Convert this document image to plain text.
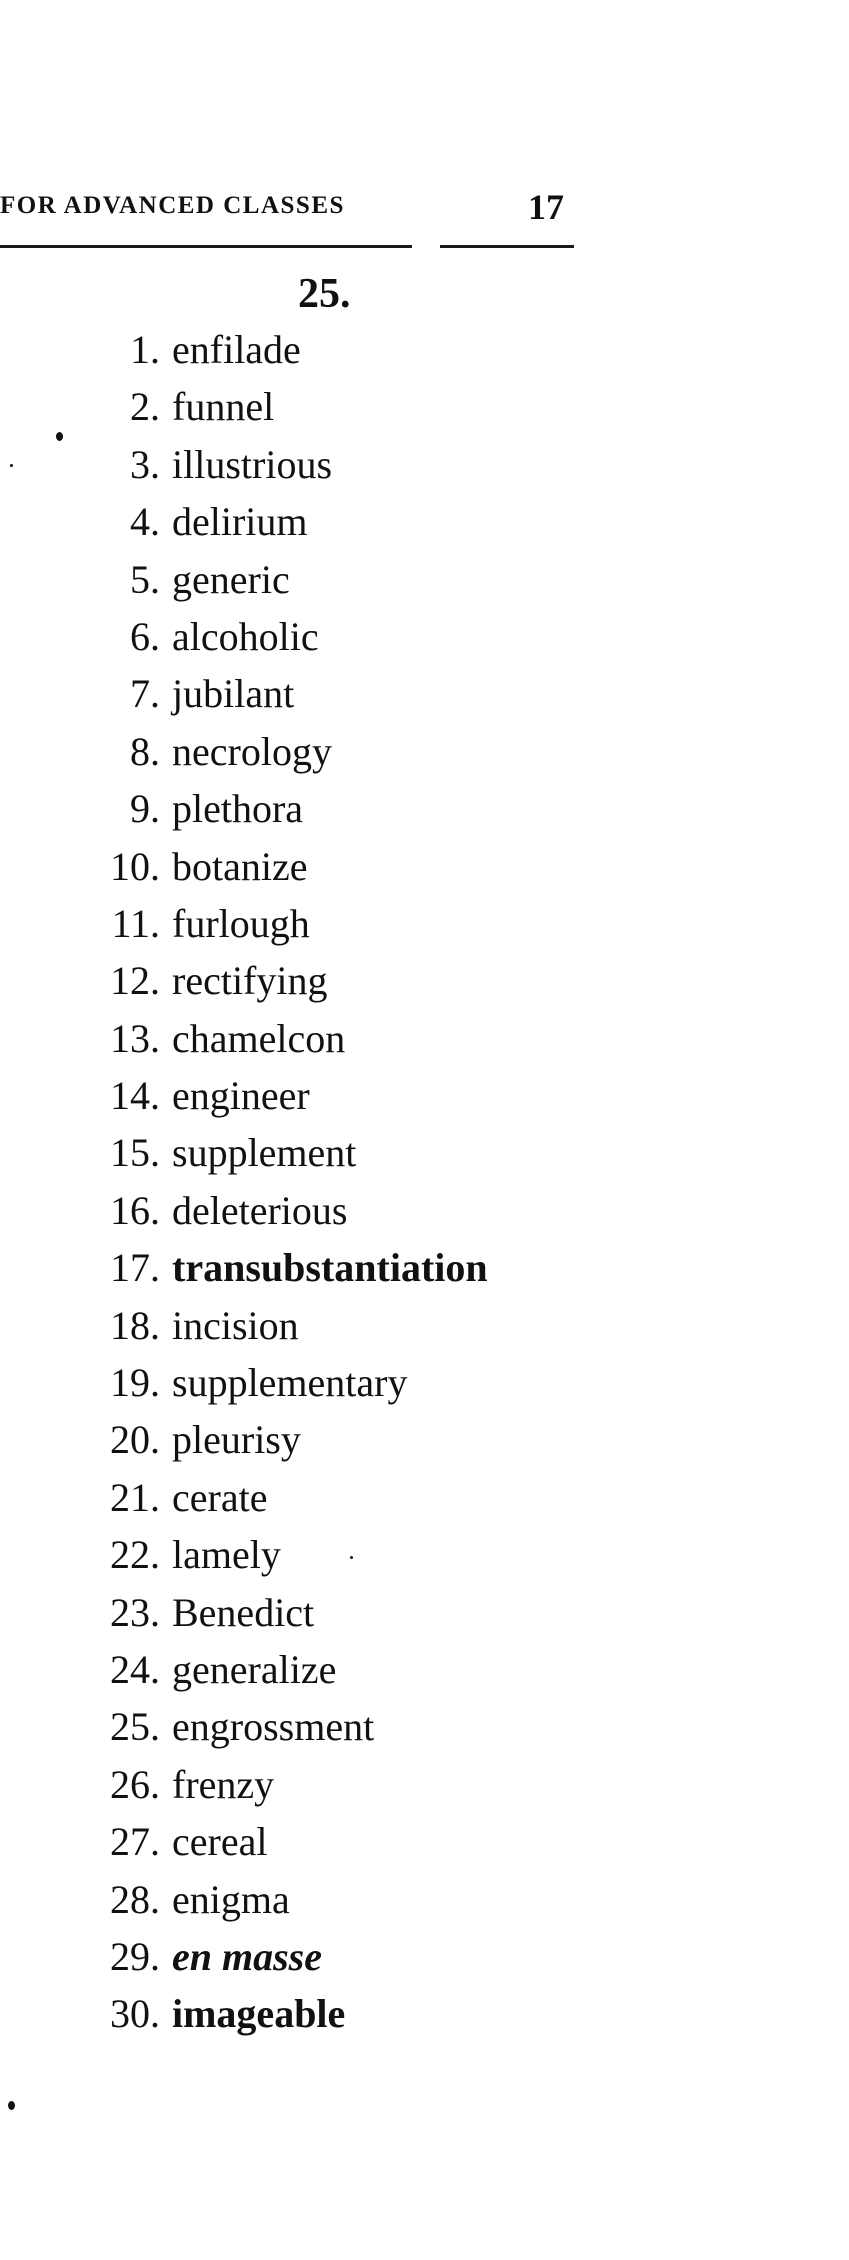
FOR ADVANCED CLASSES	17
25.
1. enfilade
2. funnel
3. illustrious
4. delirium
5. generic
6. alcoholic
7. jubilant
8. necrology
9. plethora
10. botanize
11. furlough
12. rectifying
13. chamelcon
14. engineer
15. supplement
16. deleterious
17. transubstantiation
18. incision
19. supplementary
20. pleurisy
21. cerate
22. lamely
23. Benedict
24. generalize
25. engrossment
26. frenzy
27. cereal
28. enigma
29. en masse
30. imageable
